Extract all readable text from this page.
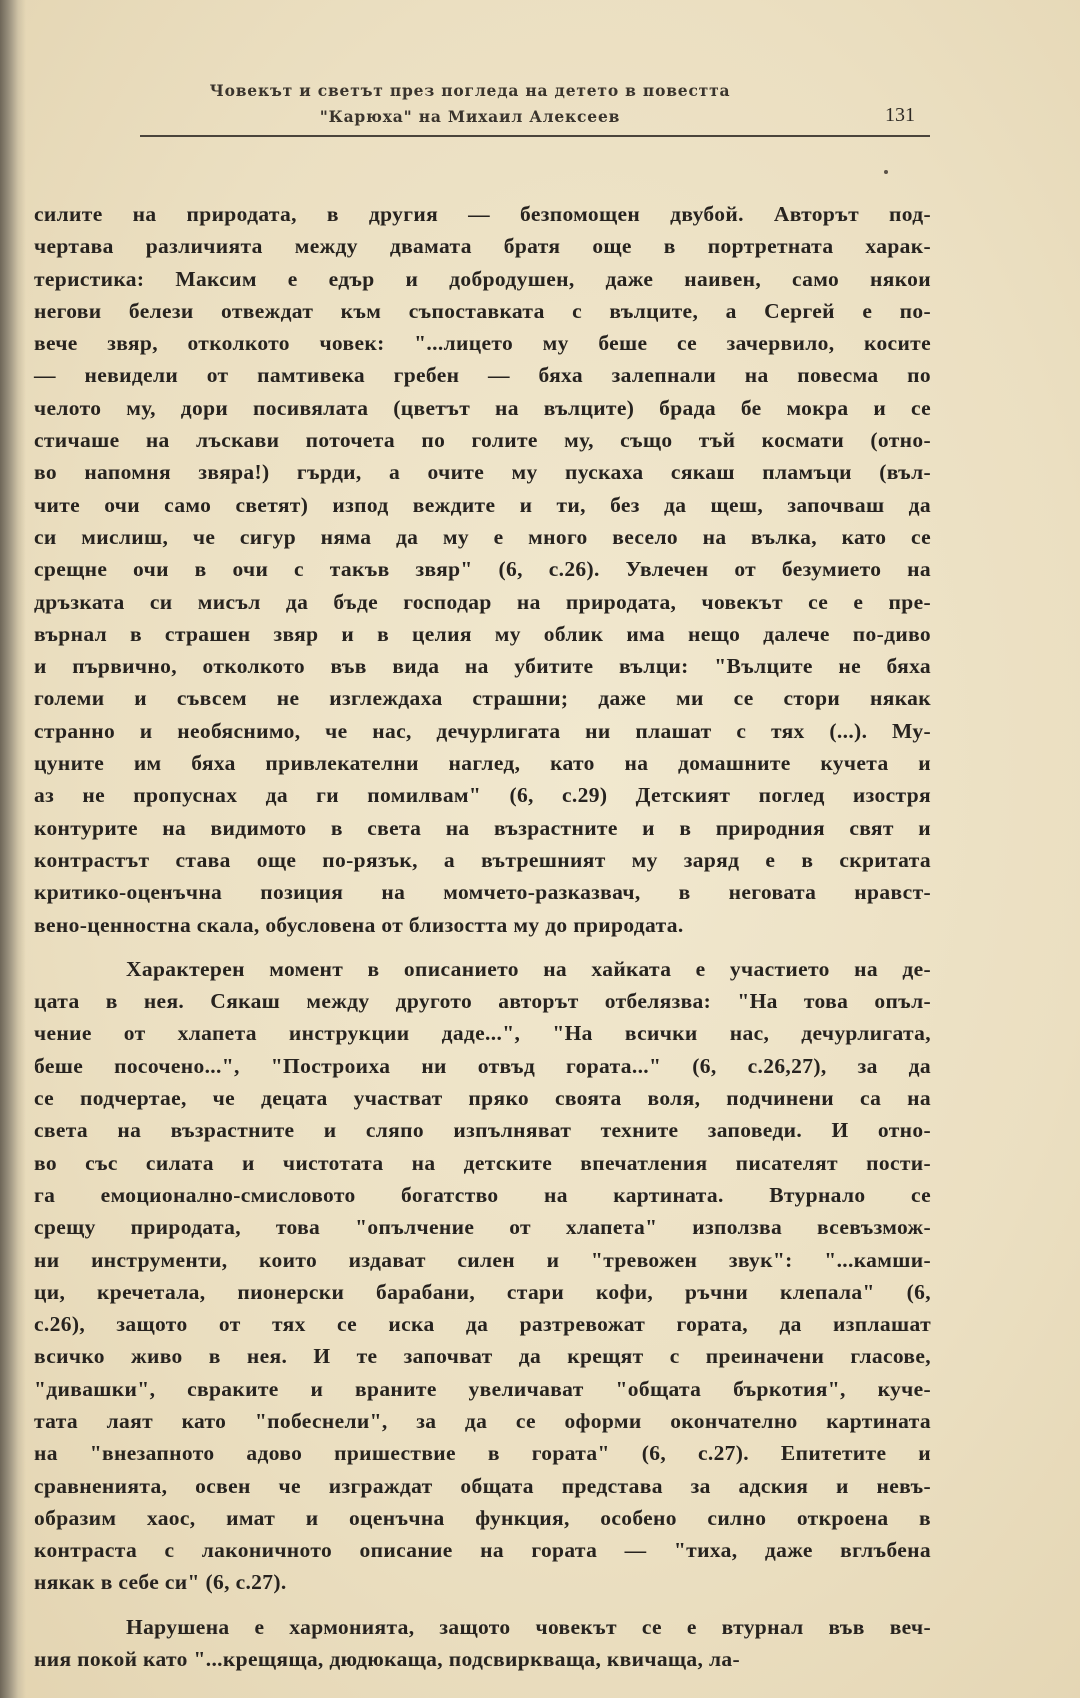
Човекът и светът през погледа на детето в повестта
"Карюха" на Михаил Алексеев	131
силите на природата, в другия — безпомощен двубой. Авторът под-
чертава различията между двамата братя още в портретната харак-
теристика: Максим е едър и добродушен, даже наивен, само някои
негови белези отвеждат към съпоставката с вълците, а Сергей е по-
вече звяр, отколкото човек: "...лицето му беше се зачервило, косите
— невидели от памтивека гребен — бяха залепнали на повесма по
челото му, дори посивялата (цветът на вълците) брада бе мокра и се
стичаше на лъскави поточета по голите му, също тъй космати (отно-
во напомня звяра!) гърди, а очите му пускаха сякаш пламъци (въл-
чите очи само светят) изпод веждите и ти, без да щеш, започваш да
си мислиш, че сигур няма да му е много весело на вълка, като се
срещне очи в очи с такъв звяр" (6, с.26). Увлечен от безумието на
дръзката си мисъл да бъде господар на природата, човекът се е пре-
върнал в страшен звяр и в целия му облик има нещо далече по-диво
и първично, отколкото във вида на убитите вълци: "Вълците не бяха
големи и съвсем не изглеждаха страшни; даже ми се стори някак
странно и необяснимо, че нас, дечурлигата ни плашат с тях (...). Му-
цуните им бяха привлекателни наглед, като на домашните кучета и
аз не пропуснах да ги помилвам" (6, с.29) Детският поглед изостря
контурите на видимото в света на възрастните и в природния свят и
контрастът става още по-рязък, а вътрешният му заряд е в скритата
критико-оценъчна позиция на момчето-разказвач, в неговата нравст-
вено-ценностна скала, обусловена от близостта му до природата.
Характерен момент в описанието на хайката е участието на де-
цата в нея. Сякаш между другото авторът отбелязва: "На това опъл-
чение от хлапета инструкции даде...", "На всички нас, дечурлигата,
беше посочено...", "Построиха ни отвъд гората..." (6, с.26,27), за да
се подчертае, че децата участват пряко своята воля, подчинени са на
света на възрастните и сляпо изпълняват техните заповеди. И отно-
во със силата и чистотата на детските впечатления писателят пости-
га емоционално-смисловото богатство на картината. Втурнало се
срещу природата, това "опълчение от хлапета" използва всевъзмож-
ни инструменти, които издават силен и "тревожен звук": "...камши-
ци, кречетала, пионерски барабани, стари кофи, ръчни клепала" (6,
с.26), защото от тях се иска да разтревожат гората, да изплашат
всичко живо в нея. И те започват да крещят с преиначени гласове,
"дивашки", свраките и враните увеличават "общата бъркотия", куче-
тата лаят като "побеснели", за да се оформи окончателно картината
на "внезапното адово пришествие в гората" (6, с.27). Епитетите и
сравненията, освен че изграждат общата представа за адския и невъ-
образим хаос, имат и оценъчна функция, особено силно откроена в
контраста с лаконичното описание на гората — "тиха, даже вглъбена
някак в себе си" (6, с.27).
Нарушена е хармонията, защото човекът се е втурнал във веч-
ния покой като "...крещяща, дюдюкаща, подсвиркваща, квичаща, ла-
